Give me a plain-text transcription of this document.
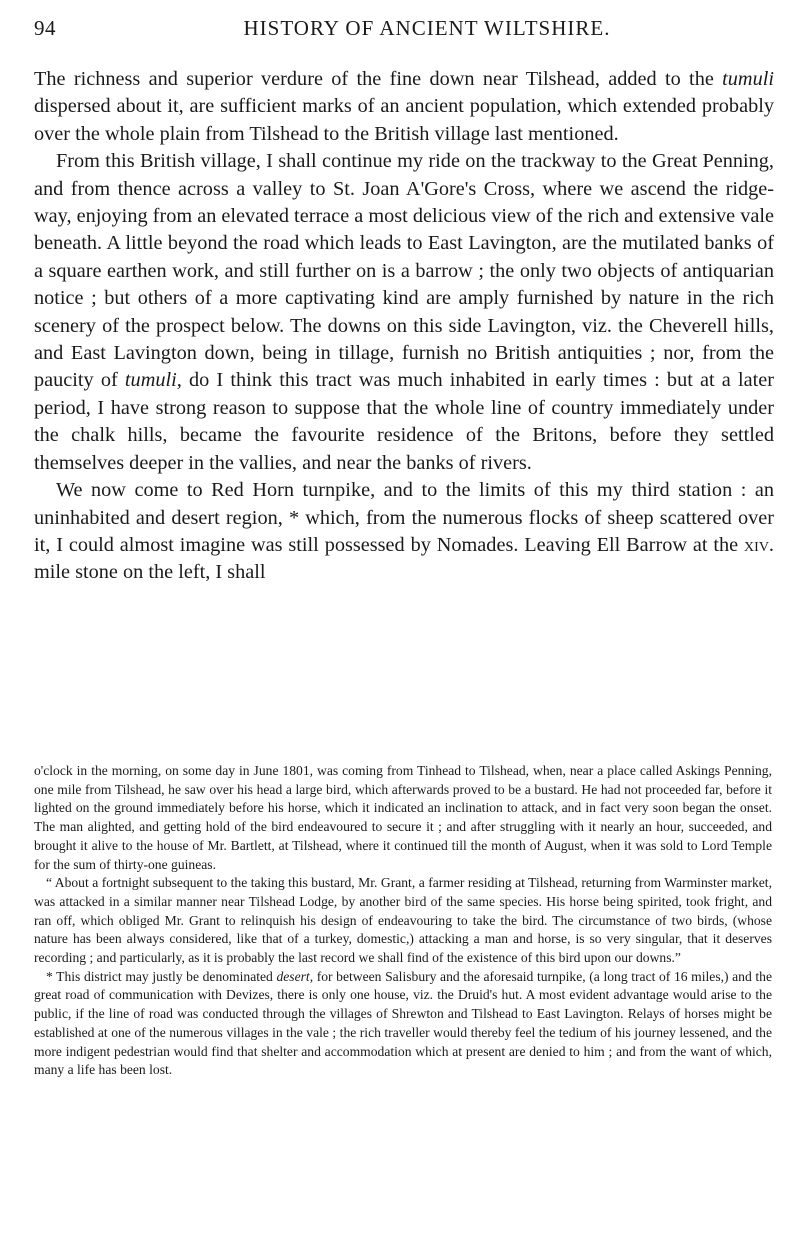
94	HISTORY OF ANCIENT WILTSHIRE.

The richness and superior verdure of the fine down near Tilshead, added to the tumuli dispersed about it, are sufficient marks of an ancient population, which extended probably over the whole plain from Tilshead to the British village last mentioned.

From this British village, I shall continue my ride on the trackway to the Great Penning, and from thence across a valley to St. Joan A'Gore's Cross, where we ascend the ridge-way, enjoying from an elevated terrace a most delicious view of the rich and extensive vale beneath. A little beyond the road which leads to East Lavington, are the mutilated banks of a square earthen work, and still further on is a barrow ; the only two objects of antiquarian notice ; but others of a more captivating kind are amply furnished by nature in the rich scenery of the prospect below. The downs on this side Lavington, viz. the Cheverell hills, and East Lavington down, being in tillage, furnish no British antiquities ; nor, from the paucity of tumuli, do I think this tract was much inhabited in early times : but at a later period, I have strong reason to suppose that the whole line of country immediately under the chalk hills, became the favourite residence of the Britons, before they settled themselves deeper in the vallies, and near the banks of rivers.

We now come to Red Horn turnpike, and to the limits of this my third station : an uninhabited and desert region, * which, from the numerous flocks of sheep scattered over it, I could almost imagine was still possessed by Nomades. Leaving Ell Barrow at the xiv. mile stone on the left, I shall

o'clock in the morning, on some day in June 1801, was coming from Tinhead to Tilshead, when, near a place called Askings Penning, one mile from Tilshead, he saw over his head a large bird, which afterwards proved to be a bustard. He had not proceeded far, before it lighted on the ground immediately before his horse, which it indicated an inclination to attack, and in fact very soon began the onset. The man alighted, and getting hold of the bird endeavoured to secure it ; and after struggling with it nearly an hour, succeeded, and brought it alive to the house of Mr. Bartlett, at Tilshead, where it continued till the month of August, when it was sold to Lord Temple for the sum of thirty-one guineas.

“ About a fortnight subsequent to the taking this bustard, Mr. Grant, a farmer residing at Tilshead, returning from Warminster market, was attacked in a similar manner near Tilshead Lodge, by another bird of the same species. His horse being spirited, took fright, and ran off, which obliged Mr. Grant to relinquish his design of endeavouring to take the bird. The circumstance of two birds, (whose nature has been always considered, like that of a turkey, domestic,) attacking a man and horse, is so very singular, that it deserves recording ; and particularly, as it is probably the last record we shall find of the existence of this bird upon our downs.”

* This district may justly be denominated desert, for between Salisbury and the aforesaid turnpike, (a long tract of 16 miles,) and the great road of communication with Devizes, there is only one house, viz. the Druid's hut. A most evident advantage would arise to the public, if the line of road was conducted through the villages of Shrewton and Tilshead to East Lavington. Relays of horses might be established at one of the numerous villages in the vale ; the rich traveller would thereby feel the tedium of his journey lessened, and the more indigent pedestrian would find that shelter and accommodation which at present are denied to him ; and from the want of which, many a life has been lost.
